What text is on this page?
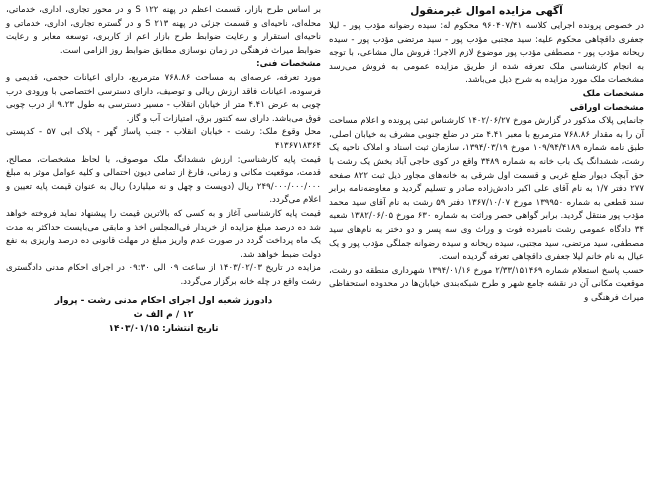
آگهی مزایده اموال غیرمنقول

در خصوص پرونده اجرایی کلاسه ۹۶۰۴۰۷/۴۱ محکوم له: سیده رضوانه مؤدب پور - لیلا جعفری داقچاهی محکوم علیه: سید مجتبی مؤدب پور - سید مرتضی مؤدب پور - سیده ریحانه مؤدب پور - مصطفی مؤدب پور موضوع لازم الاجرا: فروش مال مشاعی، با توجه به انجام کارشناسی ملک تعرفه شده از طریق مزایده عمومی به فروش می‌رسد مشخصات ملک مورد مزایده به شرح ذیل می‌باشد.

مشخصات ملک
مشخصات اوراقی

جانمایی پلاک مذکور در گزارش مورخ ۱۴۰۲/۰۶/۲۷ کارشناس ثبتی پرونده و اعلام مساحت آن را به مقدار ۷۶۸.۸۶ مترمربع با معبر ۴.۴۱ متر در ضلع جنوبی مشرف به خیابان اصلی، طبق نامه شماره ۱۰۹/۹۴/۴۱۸۹ مورخ ۱۳۹۴/۰۳/۱۹، سازمان ثبت اسناد و املاک ناحیه یک رشت، ششدانگ یک باب خانه به شماره ۳۴۸۹ واقع در کوی حاجی آباد بخش یک رشت با حق آبچک دیوار ضلع غربی و قسمت اول شرقی به خانه‌های مجاور ذیل ثبت ۸۲۲ صفحه ۲۷۷ دفتر ۱/۷ به نام آقای علی اکبر دادش‌زاده صادر و تسلیم گردید و معاوضه‌نامه برابر سند قطعی به شماره ۱۳۹۹۵۰ مورخ ۱۳۶۷/۱۰/۰۷ دفتر ۵۹ رشت به نام آقای سید محمد مؤدب پور منتقل گردید. برابر گواهی حصر وراثت به شماره ۶۳۰ مورخ ۱۳۸۲/۰۶/۰۵ شعبه ۳۴ دادگاه عمومی رشت نامبرده فوت و وراث وی سه پسر و دو دختر به نام‌های سید مصطفی، سید مرتضی، سید مجتبی، سیده ریحانه و سیده رضوانه جملگی مؤدب پور و یک عیال به نام خانم لیلا جعفری داقچاهی تعرفه گردیده است.

حسب پاسخ استعلام شماره ۲/۳۳/۱۵۱۴۶۹ مورخ ۱۳۹۴/۰۱/۱۶ شهرداری منطقه دو رشت، موقعیت مکانی آن در نقشه جامع شهر و طرح شبکه‌بندی خیابان‌ها در محدوده استحفاظی میراث فرهنگی و

بر اساس طرح بازار، قسمت اعظم در پهنه ۱۲۲ S و در محور تجاری، اداری، خدماتی، محله‌ای، ناحیه‌ای و قسمت جزئی در پهنه ۲۱۳ S و در گستره تجاری، اداری، خدماتی و ناحیه‌ای استقرار و رعایت ضوابط طرح بازار اعم از کاربری، توسعه معابر و رعایت ضوابط میراث فرهنگی در زمان نوسازی مطابق ضوابط روز الزامی است.

مشخصات فنی:

مورد تعرفه، عرصه‌ای به مساحت ۷۶۸.۸۶ مترمربع، دارای اعیانات حجمی، قدیمی و فرسوده، اعیانات فاقد ارزش ریالی و توصیف، دارای دسترسی اختصاصی با ورودی درب چوبی به عرض ۴.۴۱ متر از خیابان انقلاب - مسیر دسترسی به طول ۹.۲۳ از درب چوبی فوق می‌باشد. دارای سه کنتور برق، امتیازات آب و گاز.

محل وقوع ملک: رشت - خیابان انقلاب - جنب پاساژ گهر - پلاک ابی ۵۷ - کدپستی ۴۱۳۶۷۱۸۳۶۴

قیمت پایه کارشناسی: ارزش ششدانگ ملک موصوف، با لحاظ مشخصات، مصالح، قدمت، موقعیت مکانی و زمانی، فارغ از تمامی دیون احتمالی و کلیه عوامل موثر به مبلغ ۲۴۹/۰۰۰/۰۰۰/۰۰۰ ریال (دویست و چهل و نه میلیارد) ریال به عنوان قیمت پایه تعیین و اعلام می‌گردد.

قیمت پایه کارشناسی آغاز و به کسی که بالاترین قیمت را پیشنهاد نماید فروخته خواهد شد ده درصد مبلغ مزایده از خریدار فی‌المجلس اخذ و مابقی می‌بایست حداکثر به مدت یک ماه پرداخت گردد در صورت عدم واریز مبلغ در مهلت قانونی ده درصد واریزی به نفع دولت ضبط خواهد شد.

مزایده در تاریخ ۱۴۰۳/۰۲/۰۳ از ساعت ۰۹ الی ۰۹:۳۰ در اجرای احکام مدنی دادگستری رشت واقع در چله خانه برگزار می‌گردد.

دادورز شعبه اول اجرای احکام مدنی رشت - پروار
۱۲ / م الف ث
تاریخ انتشار: ۱۴۰۳/۰۱/۱۵
